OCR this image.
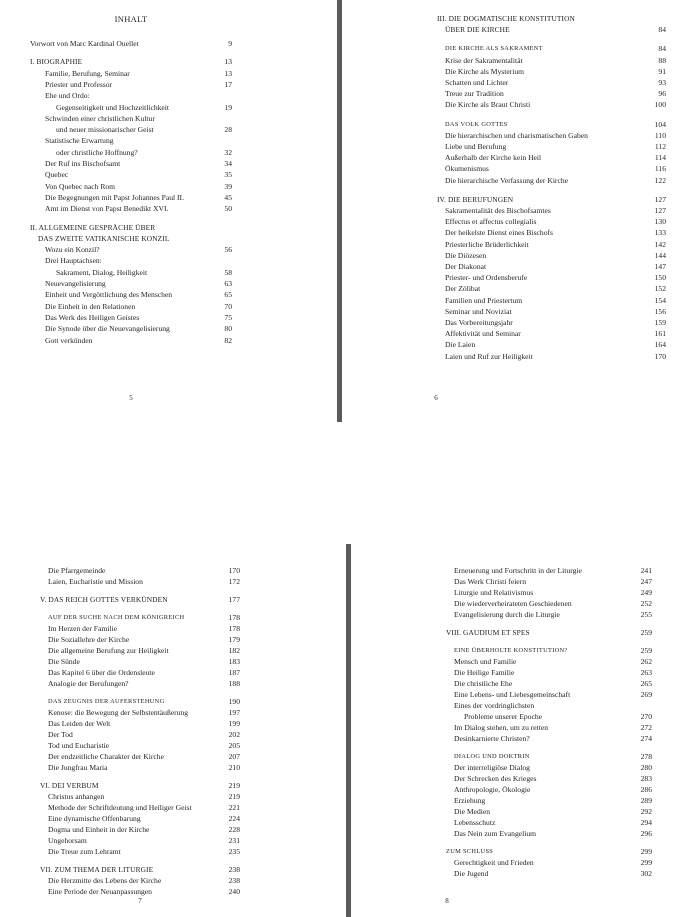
INHALT
Vorwort von Marc Kardinal Ouellet	9
I. BIOGRAPHIE	13
Familie, Berufung, Seminar	13
Priester und Professor	17
Ehe und Ordo:
Gegenseitigkeit und Hochzeitlichkeit	19
Schwinden einer christlichen Kultur
und neuer missionarischer Geist	28
Statistische Erwartung
oder christliche Hoffnung?	32
Der Ruf ins Bischofsamt	34
Quebec	35
Von Quebec nach Rom	39
Die Begegnungen mit Papst Johannes Paul II.	45
Amt im Dienst von Papst Benedikt XVI.	50
II. ALLGEMEINE GESPRÄCHE ÜBER
DAS ZWEITE VATIKANISCHE KONZIL
Wozu ein Konzil?	56
Drei Hauptachsen:
Sakrament, Dialog, Heiligkeit	58
Neuevangelisierung	63
Einheit und Vergöttlichung des Menschen	65
Die Einheit in den Relationen	70
Das Werk des Heiligen Geistes	75
Die Synode über die Neuevangelisierung	80
Gott verkünden	82
5
III. DIE DOGMATISCHE KONSTITUTION
ÜBER DIE KIRCHE	84
DIE KIRCHE ALS SAKRAMENT	84
Krise der Sakramentalität	88
Die Kirche als Mysterium	91
Schatten und Lichter	93
Treue zur Tradition	96
Die Kirche als Braut Christi	100
DAS VOLK GOTTES	104
Die hierarchischen und charismatischen Gaben	110
Liebe und Berufung	112
Außerhalb der Kirche kein Heil	114
Ökumenismus	116
Die hierarchische Verfassung der Kirche	122
IV. DIE BERUFUNGEN	127
Sakramentalität des Bischofsamtes	127
Effectus et affectus collegialis	130
Der heikelste Dienst eines Bischofs	133
Priesterliche Brüderlichkeit	142
Die Diözesen	144
Der Diakonat	147
Priester- und Ordensberufe	150
Der Zölibat	152
Familien und Priestertum	154
Seminar und Noviziat	156
Das Vorbereitungsjahr	159
Affektivität und Seminar	161
Die Laien	164
Laien und Ruf zur Heiligkeit	170
6
Die Pfarrgemeinde	170
Laien, Eucharistie und Mission	172
V. DAS REICH GOTTES VERKÜNDEN	177
AUF DER SUCHE NACH DEM KÖNIGREICH	178
Im Herzen der Familie	178
Die Soziallehre der Kirche	179
Die allgemeine Berufung zur Heiligkeit	182
Die Sünde	183
Das Kapitel 6 über die Ordensleute	187
Analogie der Berufungen?	188
DAS ZEUGNIS DER AUFERSTEHUNG	190
Kenose: die Bewegung der Selbstentäußerung	197
Das Leiden der Welt	199
Der Tod	202
Tod und Eucharistie	205
Der endzeitliche Charakter der Kirche	207
Die Jungfrau Maria	210
VI. DEI VERBUM	219
Christus anhangen	219
Methode der Schriftdeutung und Heiliger Geist	221
Eine dynamische Offenbarung	224
Dogma und Einheit in der Kirche	228
Ungehorsam	231
Die Treue zum Lehramt	235
VII. ZUM THEMA DER LITURGIE	238
Die Herzmitte des Lebens der Kirche	238
Eine Periode der Neuanpassungen	240
7
Erneuerung und Fortschritt in der Liturgie	241
Das Werk Christi feiern	247
Liturgie und Relativismus	249
Die wiederverheirateten Geschiedenen	252
Evangelisierung durch die Liturgie	255
VIII. GAUDIUM ET SPES	259
EINE ÜBERHOLTE KONSTITUTION?	259
Mensch und Familie	262
Die Heilige Familie	263
Die christliche Ehe	265
Eine Lebens- und Liebesgemeinschaft	269
Eines der vordringlichsten
Probleme unserer Epoche	270
Im Dialog stehen, um zu retten	272
Desinkarnierte Christen?	274
DIALOG UND DOKTRIN	278
Der interreligiöse Dialog	280
Der Schrecken des Krieges	283
Anthropologie, Ökologie	286
Erziehung	289
Die Medien	292
Lebensschutz	294
Das Nein zum Evangelium	296
ZUM SCHLUSS	299
Gerechtigkeit und Frieden	299
Die Jugend	302
8
